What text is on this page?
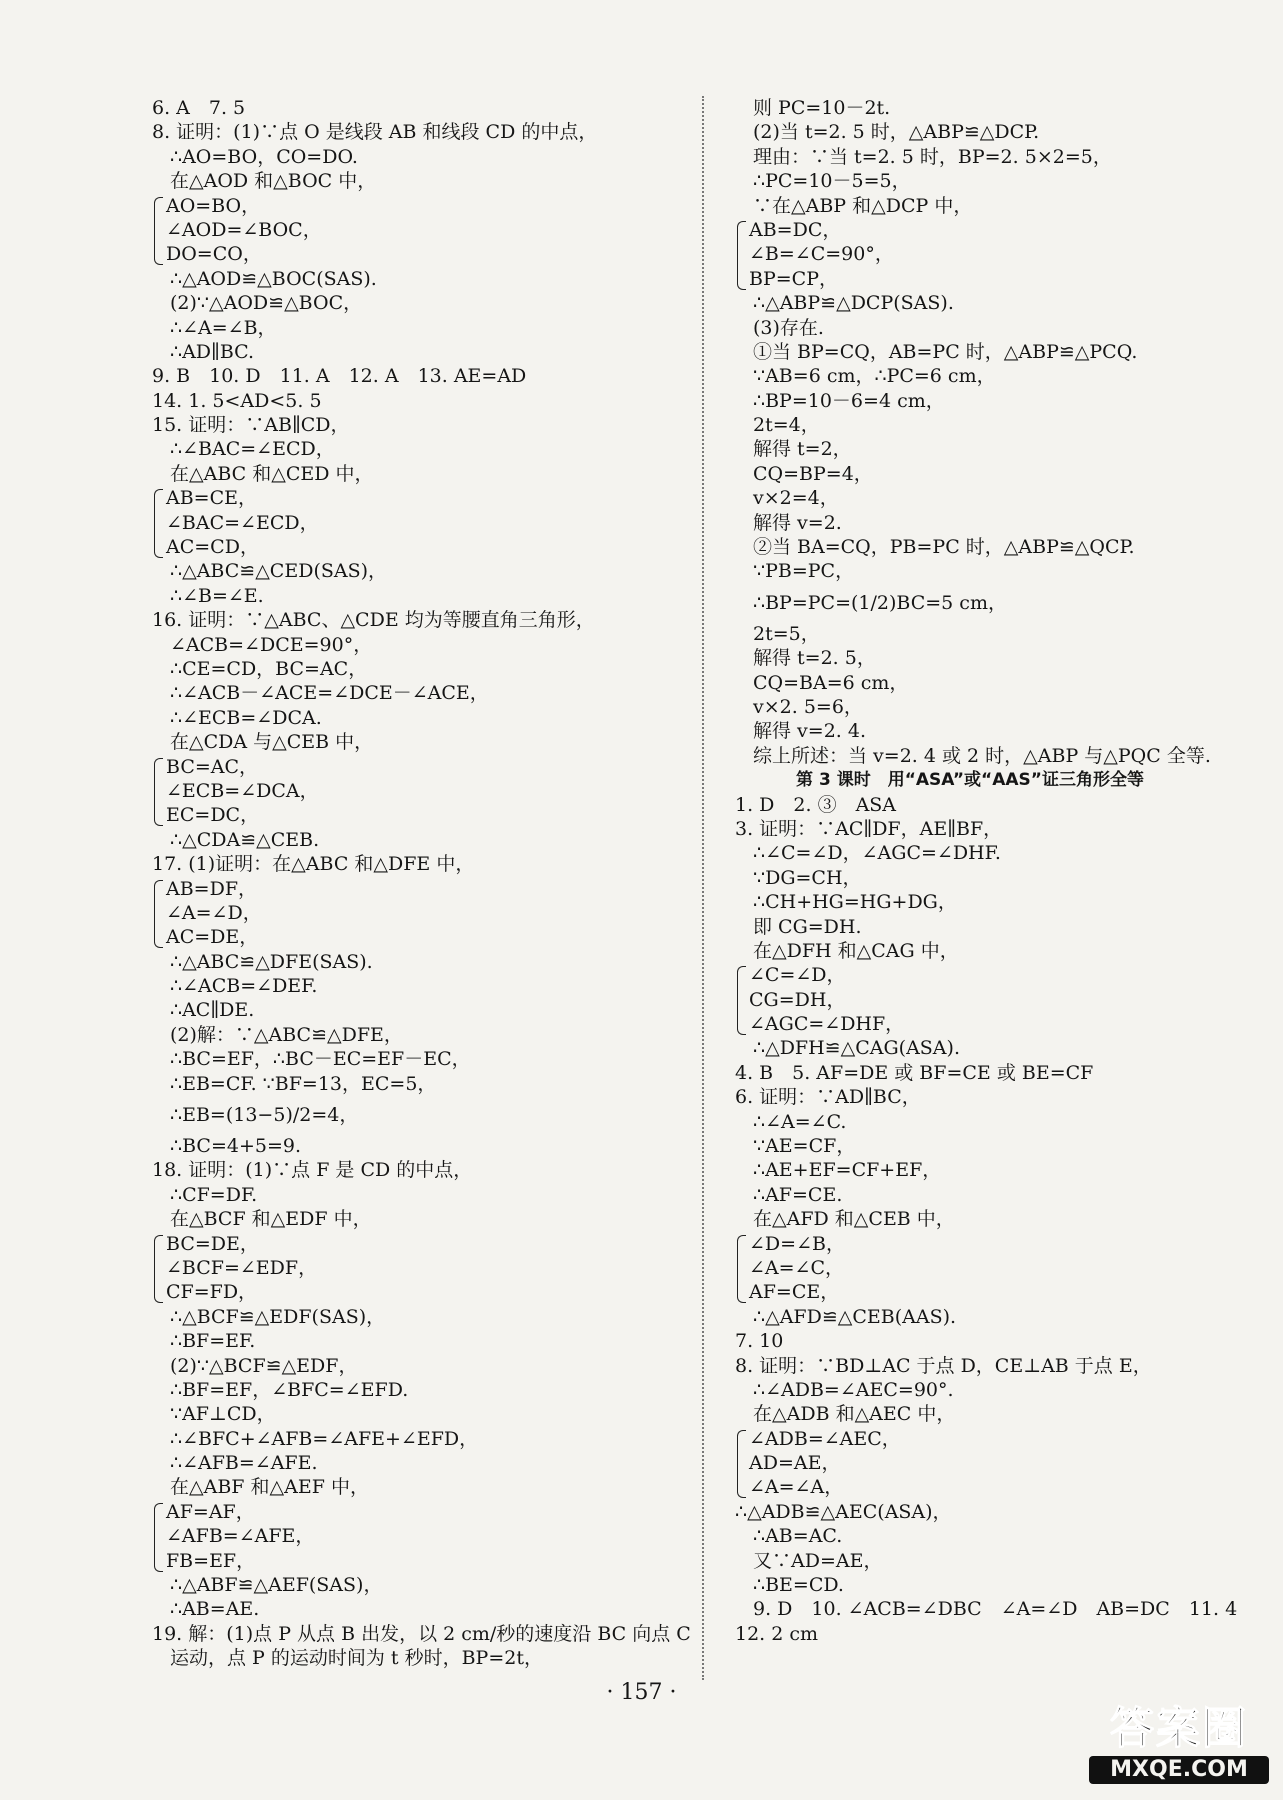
6. A　7. 5
8. 证明：(1)∵点 O 是线段 AB 和线段 CD 的中点，
∴AO=BO，CO=DO.
在△AOD 和△BOC 中，
AO=BO，
∠AOD=∠BOC，
DO=CO，
∴△AOD≌△BOC(SAS).
(2)∵△AOD≌△BOC，
∴∠A=∠B，
∴AD∥BC.
9. B　10. D　11. A　12. A　13. AE=AD
14. 1. 5<AD<5. 5
15. 证明：∵AB∥CD，
∴∠BAC=∠ECD，
在△ABC 和△CED 中，
AB=CE，
∠BAC=∠ECD，
AC=CD，
∴△ABC≌△CED(SAS)，
∴∠B=∠E.
16. 证明：∵△ABC、△CDE 均为等腰直角三角形，
∠ACB=∠DCE=90°，
∴CE=CD，BC=AC，
∴∠ACB－∠ACE=∠DCE－∠ACE，
∴∠ECB=∠DCA.
在△CDA 与△CEB 中，
BC=AC，
∠ECB=∠DCA，
EC=DC，
∴△CDA≌△CEB.
17. (1)证明：在△ABC 和△DFE 中，
AB=DF，
∠A=∠D，
AC=DE，
∴△ABC≌△DFE(SAS).
∴∠ACB=∠DEF.
∴AC∥DE.
(2)解：∵△ABC≌△DFE，
∴BC=EF，∴BC－EC=EF－EC，
∴EB=CF. ∵BF=13，EC=5，
∴EB=(13−5)/2=4，
∴BC=4+5=9.
18. 证明：(1)∵点 F 是 CD 的中点，
∴CF=DF.
在△BCF 和△EDF 中，
BC=DE，
∠BCF=∠EDF，
CF=FD，
∴△BCF≌△EDF(SAS)，
∴BF=EF.
(2)∵△BCF≌△EDF，
∴BF=EF，∠BFC=∠EFD.
∵AF⊥CD，
∴∠BFC+∠AFB=∠AFE+∠EFD，
∴∠AFB=∠AFE.
在△ABF 和△AEF 中，
AF=AF，
∠AFB=∠AFE，
FB=EF，
∴△ABF≌△AEF(SAS)，
∴AB=AE.
19. 解：(1)点 P 从点 B 出发，以 2 cm/秒的速度沿 BC 向点 C
运动，点 P 的运动时间为 t 秒时，BP=2t，
则 PC=10－2t.
(2)当 t=2. 5 时，△ABP≌△DCP.
理由：∵当 t=2. 5 时，BP=2. 5×2=5，
∴PC=10－5=5，
∵在△ABP 和△DCP 中，
AB=DC，
∠B=∠C=90°，
BP=CP，
∴△ABP≌△DCP(SAS).
(3)存在.
①当 BP=CQ，AB=PC 时，△ABP≌△PCQ.
∵AB=6 cm，∴PC=6 cm，
∴BP=10－6=4 cm，
2t=4，
解得 t=2，
CQ=BP=4，
v×2=4，
解得 v=2.
②当 BA=CQ，PB=PC 时，△ABP≌△QCP.
∵PB=PC，
∴BP=PC=(1/2)BC=5 cm，
2t=5，
解得 t=2. 5，
CQ=BA=6 cm，
v×2. 5=6，
解得 v=2. 4.
综上所述：当 v=2. 4 或 2 时，△ABP 与△PQC 全等.
第 3 课时　用“ASA”或“AAS”证三角形全等
1. D　2. ③　ASA
3. 证明：∵AC∥DF，AE∥BF，
∴∠C=∠D，∠AGC=∠DHF.
∵DG=CH，
∴CH+HG=HG+DG，
即 CG=DH.
在△DFH 和△CAG 中，
∠C=∠D，
CG=DH，
∠AGC=∠DHF，
∴△DFH≌△CAG(ASA).
4. B　5. AF=DE 或 BF=CE 或 BE=CF
6. 证明：∵AD∥BC，
∴∠A=∠C.
∵AE=CF，
∴AE+EF=CF+EF，
∴AF=CE.
在△AFD 和△CEB 中，
∠D=∠B，
∠A=∠C，
AF=CE，
∴△AFD≌△CEB(AAS).
7. 10
8. 证明：∵BD⊥AC 于点 D，CE⊥AB 于点 E，
∴∠ADB=∠AEC=90°.
在△ADB 和△AEC 中，
∠ADB=∠AEC，
AD=AE，
∠A=∠A，
∴△ADB≌△AEC(ASA)，
∴AB=AC.
又∵AD=AE，
∴BE=CD.
9. D　10. ∠ACB=∠DBC　∠A=∠D　AB=DC　11. 4
12. 2 cm
· 157 ·
答案圈
MXQE.COM
